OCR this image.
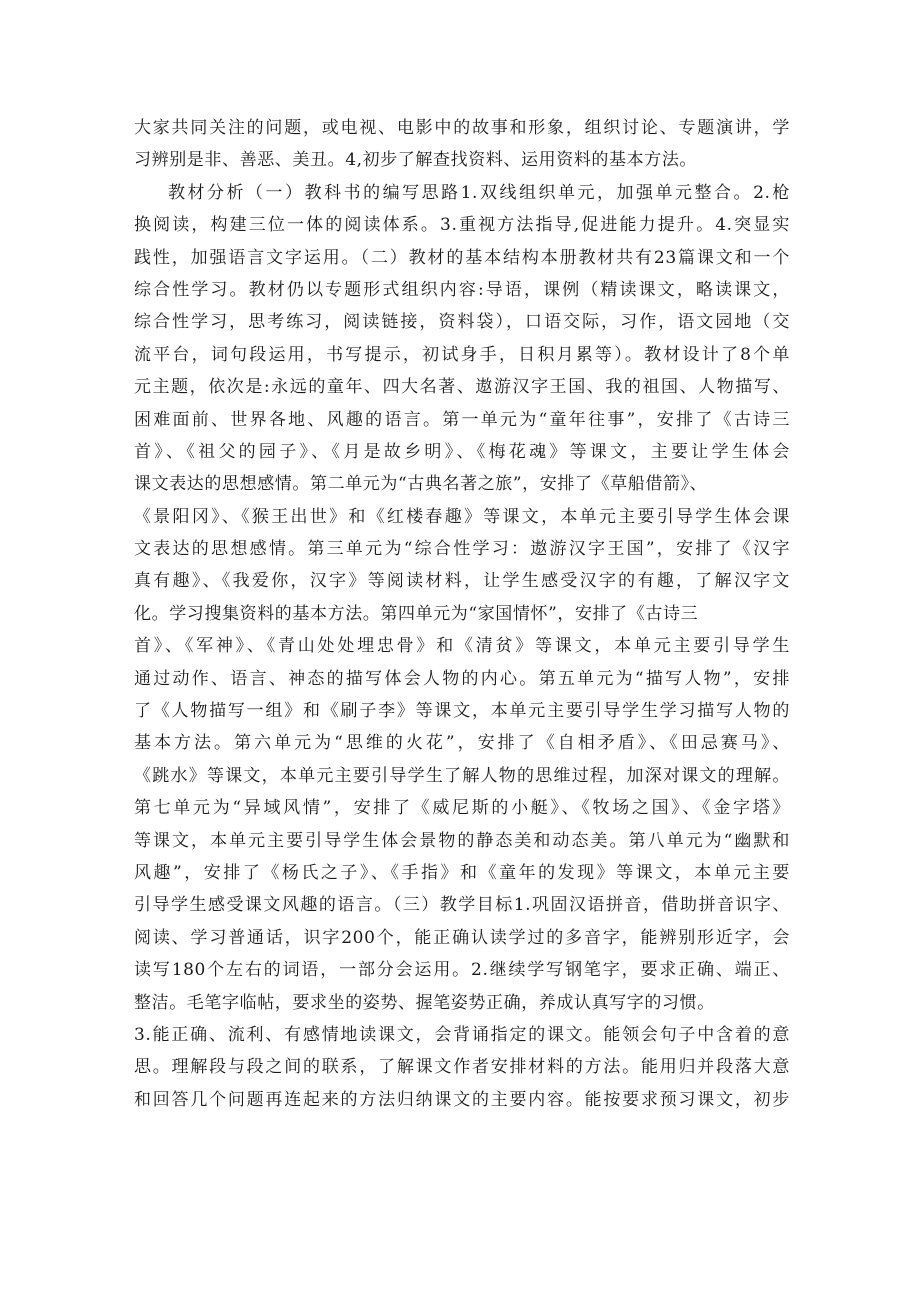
大家共同关注的问题，或电视、电影中的故事和形象，组织讨论、专题演讲，学
习辨别是非、善恶、美丑。4,初步了解查找资料、运用资料的基本方法。
教材分析（一）教科书的编写思路1.双线组织单元，加强单元整合。2.枪
换阅读，构建三位一体的阅读体系。3.重视方法指导,促进能力提升。4.突显实
践性，加强语言文字运用。（二）教材的基本结构本册教材共有23篇课文和一个
综合性学习。教材仍以专题形式组织内容:导语，课例（精读课文，略读课文，
综合性学习，思考练习，阅读链接，资料袋），口语交际，习作，语文园地（交
流平台，词句段运用，书写提示，初试身手，日积月累等）。教材设计了8个单
元主题，依次是:永远的童年、四大名著、遨游汉字王国、我的祖国、人物描写、
困难面前、世界各地、风趣的语言。第一单元为“童年往事”，安排了《古诗三
首》、《祖父的园子》、《月是故乡明》、《梅花魂》等课文，主要让学生体会
课文表达的思想感情。第二单元为“古典名著之旅”，安排了《草船借箭》、
《景阳冈》、《猴王出世》和《红楼春趣》等课文，本单元主要引导学生体会课
文表达的思想感情。第三单元为“综合性学习：遨游汉字王国”，安排了《汉字
真有趣》、《我爱你，汉字》等阅读材料，让学生感受汉字的有趣，了解汉字文
化。学习搜集资料的基本方法。第四单元为“家国情怀”，安排了《古诗三
首》、《军神》、《青山处处埋忠骨》和《清贫》等课文，本单元主要引导学生
通过动作、语言、神态的描写体会人物的内心。第五单元为“描写人物”，安排
了《人物描写一组》和《刷子李》等课文，本单元主要引导学生学习描写人物的
基本方法。第六单元为“思维的火花”，安排了《自相矛盾》、《田忌赛马》、
《跳水》等课文，本单元主要引导学生了解人物的思维过程，加深对课文的理解。
第七单元为“异域风情”，安排了《威尼斯的小艇》、《牧场之国》、《金字塔》
等课文，本单元主要引导学生体会景物的静态美和动态美。第八单元为“幽默和
风趣”，安排了《杨氏之子》、《手指》和《童年的发现》等课文，本单元主要
引导学生感受课文风趣的语言。（三）教学目标1.巩固汉语拼音，借助拼音识字、
阅读、学习普通话，识字200个，能正确认读学过的多音字，能辨别形近字，会
读写180个左右的词语，一部分会运用。2.继续学写钢笔字，要求正确、端正、
整洁。毛笔字临帖，要求坐的姿势、握笔姿势正确，养成认真写字的习惯。
3.能正确、流利、有感情地读课文，会背诵指定的课文。能领会句子中含着的意
思。理解段与段之间的联系，了解课文作者安排材料的方法。能用归并段落大意
和回答几个问题再连起来的方法归纳课文的主要内容。能按要求预习课文，初步
